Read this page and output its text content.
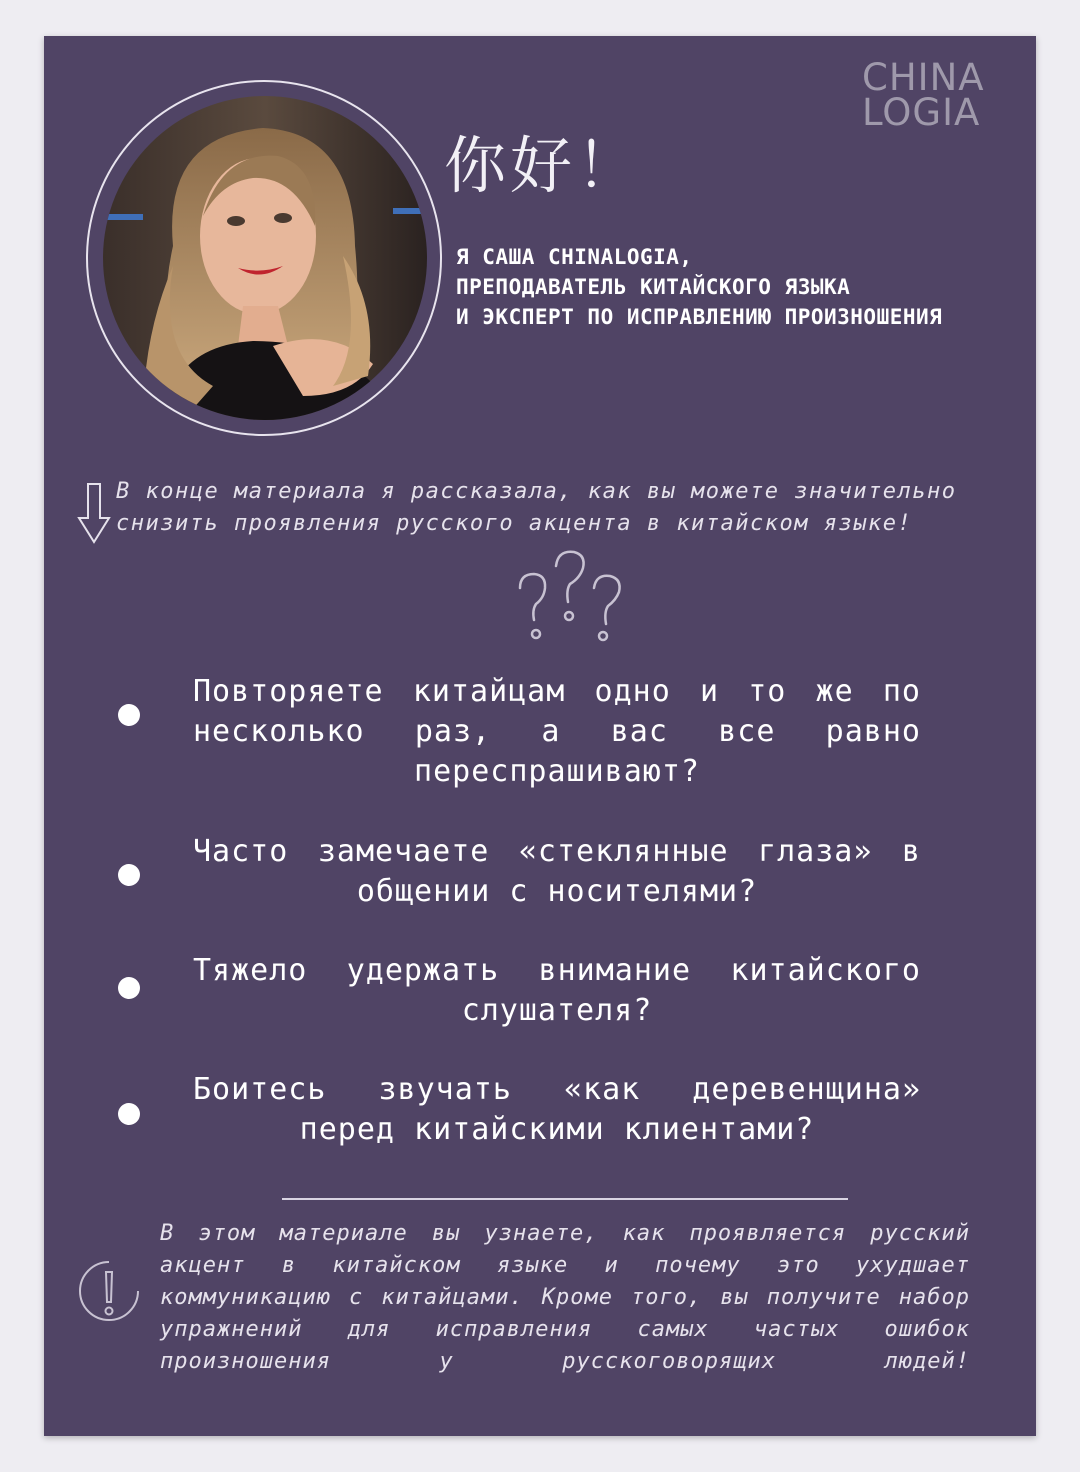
CHINA
LOGIA
你好！
Я САША CHINALOGIA,
ПРЕПОДАВАТЕЛЬ КИТАЙСКОГО ЯЗЫКА
И ЭКСПЕРТ ПО ИСПРАВЛЕНИЮ ПРОИЗНОШЕНИЯ
В конце материала я рассказала, как вы можете значительно
снизить проявления русского акцента в китайском языке!
Повторяете китайцам одно и то же по несколько раз, а вас все равно переспрашивают?
Часто замечаете «стеклянные глаза» в общении с носителями?
Тяжело удержать внимание китайского слушателя?
Боитесь звучать «как деревенщина» перед китайскими клиентами?
В этом материале вы узнаете, как проявляется русский акцент в китайском языке и почему это ухудшает коммуникацию с китайцами. Кроме того, вы получите набор упражнений для исправления самых частых ошибок произношения у русскоговорящих людей!
